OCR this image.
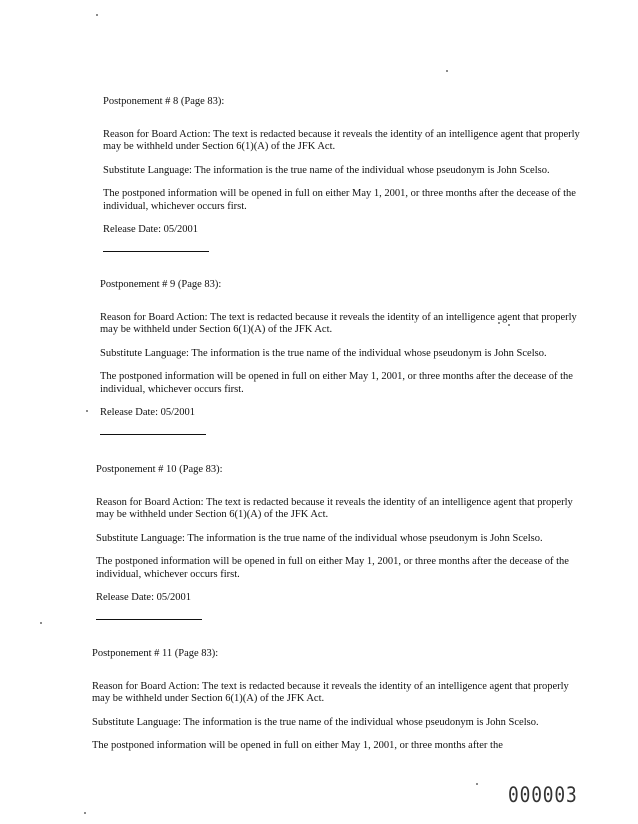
Postponement # 8 (Page 83):
Reason for Board Action: The text is redacted because it reveals the identity of an intelligence agent that properly may be withheld under Section 6(1)(A) of the JFK Act.
Substitute Language: The information is the true name of the individual whose pseudonym is John Scelso.
The postponed information will be opened in full on either May 1, 2001, or three months after the decease of the individual, whichever occurs first.
Release Date: 05/2001
Postponement # 9 (Page 83):
Reason for Board Action: The text is redacted because it reveals the identity of an intelligence agent that properly may be withheld under Section 6(1)(A) of the JFK Act.
Substitute Language: The information is the true name of the individual whose pseudonym is John Scelso.
The postponed information will be opened in full on either May 1, 2001, or three months after the decease of the individual, whichever occurs first.
Release Date: 05/2001
Postponement # 10 (Page 83):
Reason for Board Action: The text is redacted because it reveals the identity of an intelligence agent that properly may be withheld under Section 6(1)(A) of the JFK Act.
Substitute Language: The information is the true name of the individual whose pseudonym is John Scelso.
The postponed information will be opened in full on either May 1, 2001, or three months after the decease of the individual, whichever occurs first.
Release Date: 05/2001
Postponement # 11 (Page 83):
Reason for Board Action: The text is redacted because it reveals the identity of an intelligence agent that properly may be withheld under Section 6(1)(A) of the JFK Act.
Substitute Language: The information is the true name of the individual whose pseudonym is John Scelso.
The postponed information will be opened in full on either May 1, 2001, or three months after the
000003
